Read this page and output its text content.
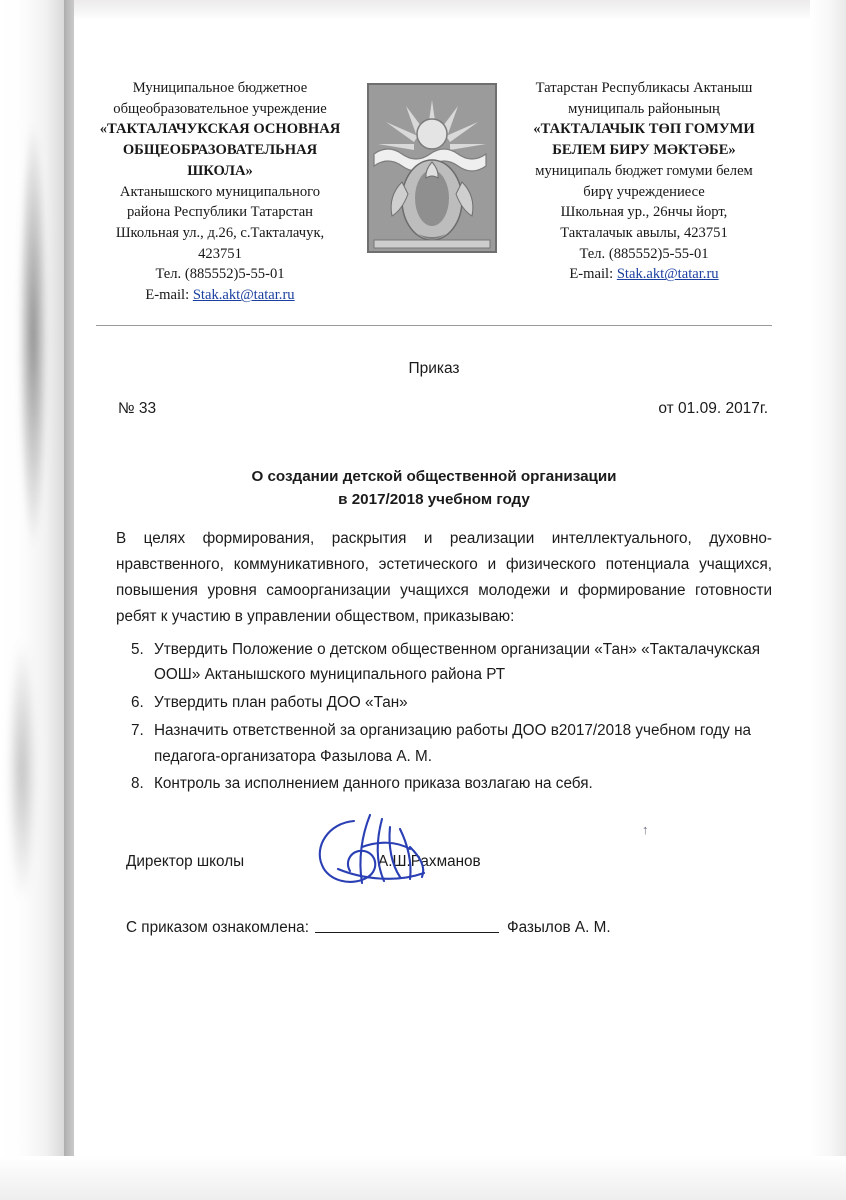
Муниципальное бюджетное
общеобразовательное учреждение
«ТАКТАЛАЧУКСКАЯ ОСНОВНАЯ
ОБЩЕОБРАЗОВАТЕЛЬНАЯ
ШКОЛА»
Актанышского муниципального
района Республики Татарстан
Школьная ул., д.26, с.Такталачук,
423751
Тел. (885552)5-55-01
E-mail: Stak.akt@tatar.ru
Татарстан Республикасы Актаныш
муниципаль районының
«ТАКТАЛАЧЫК ТӨП ГОМУМИ
БЕЛЕМ БИРУ МӘКТӘБЕ»
муниципаль бюджет гомуми белем
бирү учреждениесе
Школьная ур., 26нчы йорт,
Такталачык авылы, 423751
Тел. (885552)5-55-01
E-mail: Stak.akt@tatar.ru
Приказ
№ 33	от 01.09. 2017г.
О создании детской общественной организации
в 2017/2018 учебном году
В целях формирования, раскрытия и реализации интеллектуального, духовно-нравственного, коммуникативного, эстетического и физического потенциала учащихся, повышения уровня самоорганизации учащихся молодежи и формирование готовности ребят к участию в управлении обществом, приказываю:
5. Утвердить Положение о детском общественном организации «Тан» «Такталачукская ООШ» Актанышского муниципального района РТ
6. Утвердить план работы ДОО «Тан»
7. Назначить ответственной за организацию работы ДОО в2017/2018 учебном году на педагога-организатора Фазылова А. М.
8. Контроль за исполнением данного приказа возлагаю на себя.
Директор школы	А.Ш.Рахманов
С приказом ознакомлена:	Фазылов А. М.
↑
